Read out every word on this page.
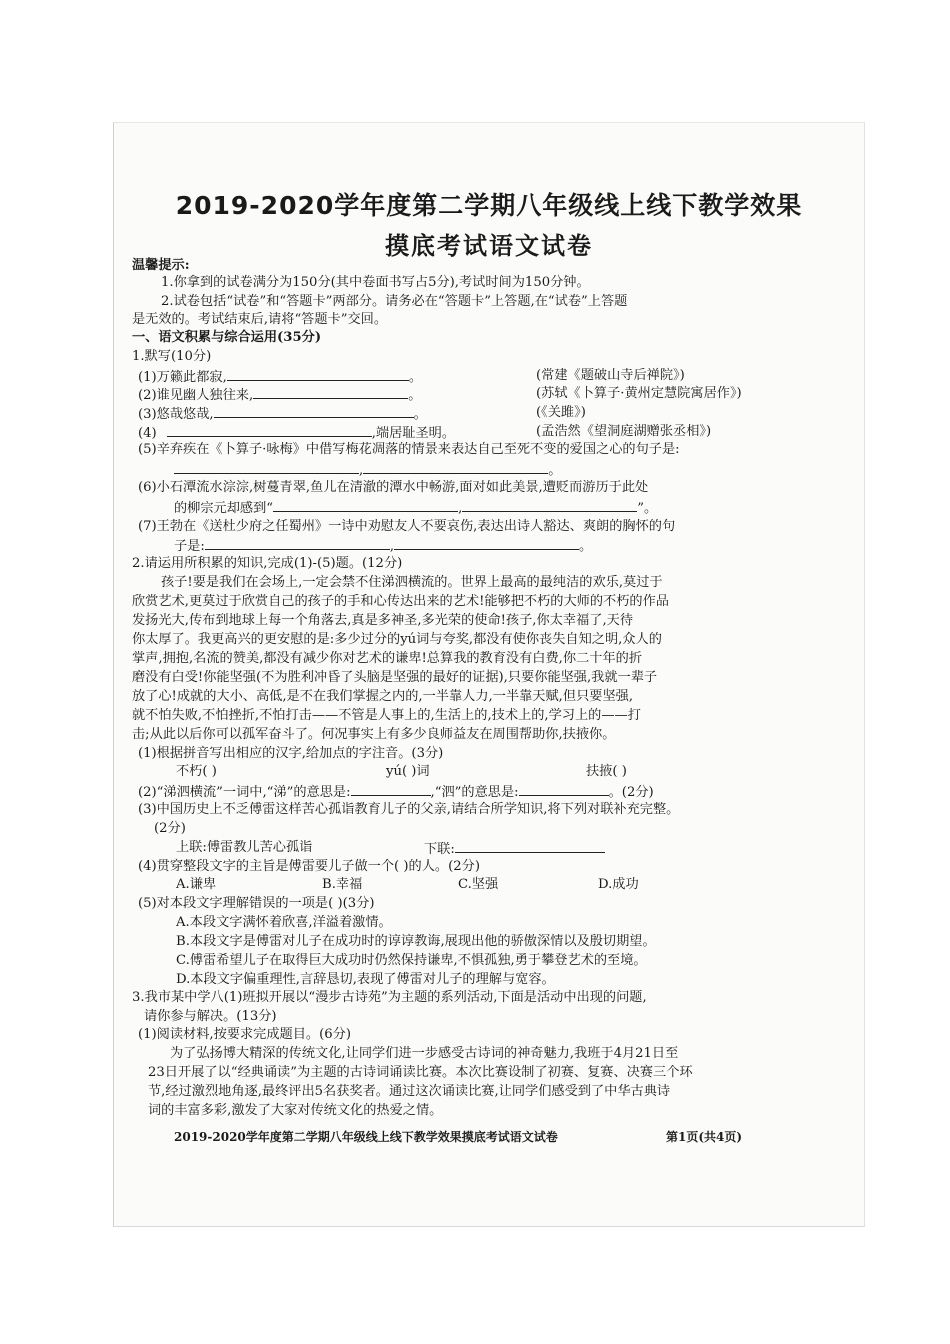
2019-2020学年度第二学期八年级线上线下教学效果
摸底考试语文试卷
温馨提示:
1.你拿到的试卷满分为150分(其中卷面书写占5分),考试时间为150分钟。
2.试卷包括“试卷”和“答题卡”两部分。请务必在“答题卡”上答题,在“试卷”上答题
是无效的。考试结束后,请将“答题卡”交回。
一、语文积累与综合运用(35分)
1.默写(10分)
(1)万籁此都寂,	。	(常建《题破山寺后禅院》)
(2)谁见幽人独往来,	。	(苏轼《卜算子·黄州定慧院寓居作》)
(3)悠哉悠哉,	。	(《关雎》)
(4)	,端居耻圣明。	(孟浩然《望洞庭湖赠张丞相》)
(5)辛弃疾在《卜算子·咏梅》中借写梅花凋落的情景来表达自己至死不变的爱国之心的句子是:
,	。
(6)小石潭流水淙淙,树蔓青翠,鱼儿在清澈的潭水中畅游,面对如此美景,遭贬而游历于此处
的柳宗元却感到“	,	”。
(7)王勃在《送杜少府之任蜀州》一诗中劝慰友人不要哀伤,表达出诗人豁达、爽朗的胸怀的句
子是:	,	。
2.请运用所积累的知识,完成(1)-(5)题。(12分)
孩子!要是我们在会场上,一定会禁不住涕泗横流的。世界上最高的最纯洁的欢乐,莫过于
欣赏艺术,更莫过于欣赏自己的孩子的手和心传达出来的艺术!能够把不朽的大师的不朽的作品
发扬光大,传布到地球上每一个角落去,真是多神圣,多光荣的使命!孩子,你太幸福了,天待
你太厚了。我更高兴的更安慰的是:多少过分的yú词与夸奖,都没有使你丧失自知之明,众人的
掌声,拥抱,名流的赞美,都没有减少你对艺术的谦卑!总算我的教育没有白费,你二十年的折
磨没有白受!你能坚强(不为胜利冲昏了头脑是坚强的最好的证据),只要你能坚强,我就一辈子
放了心!成就的大小、高低,是不在我们掌握之内的,一半靠人力,一半靠天赋,但只要坚强,
就不怕失败,不怕挫折,不怕打击——不管是人事上的,生活上的,技术上的,学习上的——打
击;从此以后你可以孤军奋斗了。何况事实上有多少良师益友在周围帮助你,扶掖你。
(1)根据拼音写出相应的汉字,给加点的字注音。(3分)
不朽( )	yú( )词	扶掖( )
(2)“涕泗横流”一词中,“涕”的意思是:	,“泗”的意思是:	。(2分)
(3)中国历史上不乏傅雷这样苦心孤诣教育儿子的父亲,请结合所学知识,将下列对联补充完整。
(2分)
上联:傅雷教儿苦心孤诣	下联:
(4)贯穿整段文字的主旨是傅雷要儿子做一个( )的人。(2分)
A.谦卑	B.幸福	C.坚强	D.成功
(5)对本段文字理解错误的一项是( )(3分)
A.本段文字满怀着欣喜,洋溢着激情。
B.本段文字是傅雷对儿子在成功时的谆谆教诲,展现出他的骄傲深情以及殷切期望。
C.傅雷希望儿子在取得巨大成功时仍然保持谦卑,不惧孤独,勇于攀登艺术的至境。
D.本段文字偏重理性,言辞恳切,表现了傅雷对儿子的理解与宽容。
3.我市某中学八(1)班拟开展以“漫步古诗苑”为主题的系列活动,下面是活动中出现的问题,
请你参与解决。(13分)
(1)阅读材料,按要求完成题目。(6分)
为了弘扬博大精深的传统文化,让同学们进一步感受古诗词的神奇魅力,我班于4月21日至
23日开展了以“经典诵读”为主题的古诗词诵读比赛。本次比赛设制了初赛、复赛、决赛三个环
节,经过激烈地角逐,最终评出5名获奖者。通过这次诵读比赛,让同学们感受到了中华古典诗
词的丰富多彩,激发了大家对传统文化的热爱之情。
2019-2020学年度第二学期八年级线上线下教学效果摸底考试语文试卷	第1页(共4页)
